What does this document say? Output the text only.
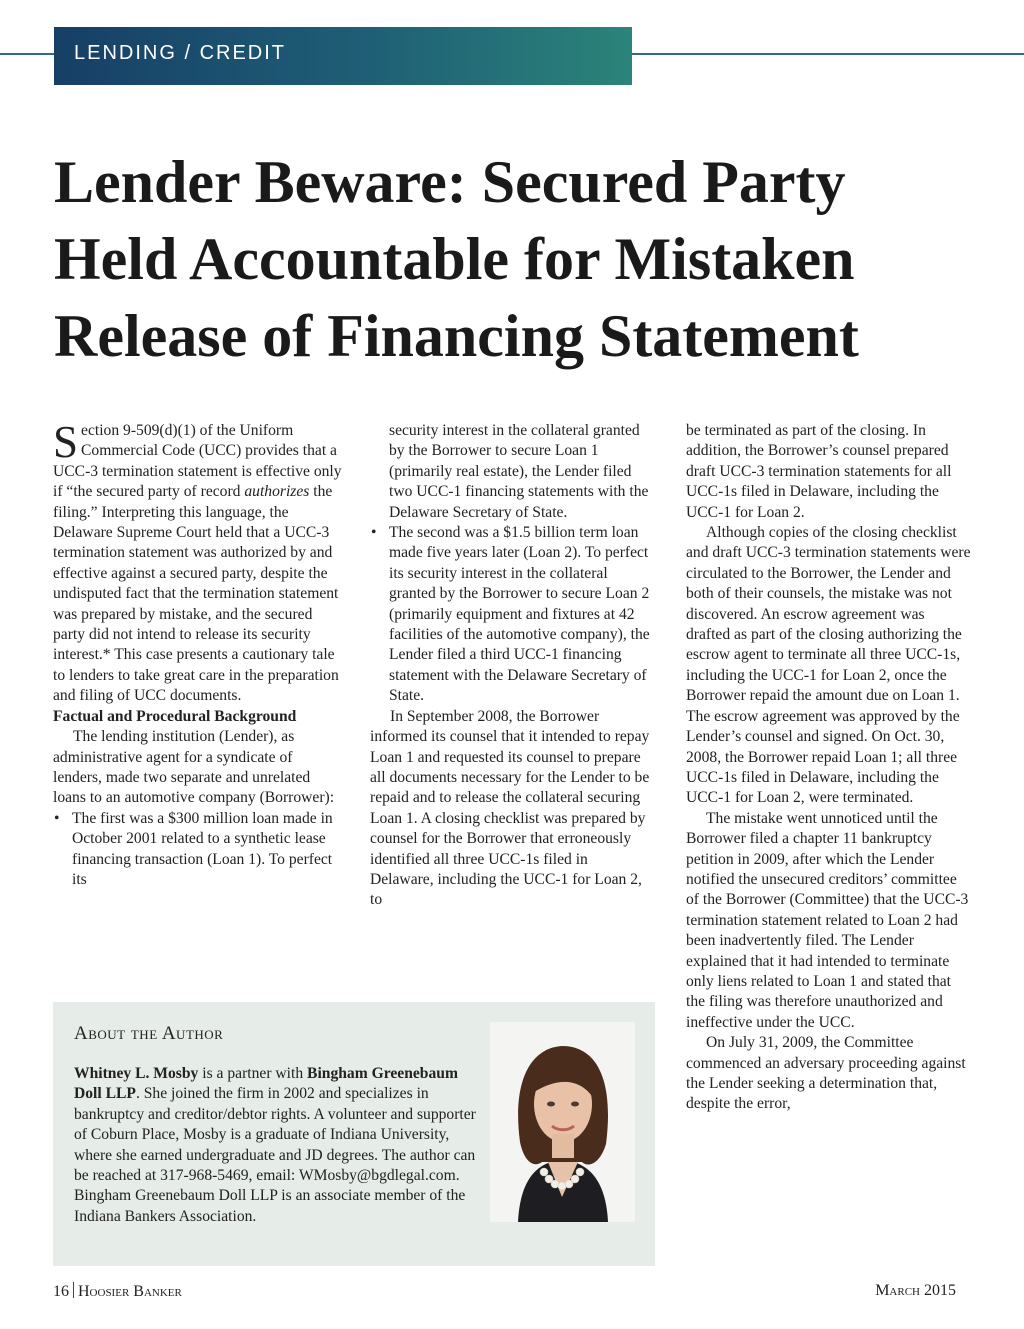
LENDING / CREDIT
Lender Beware: Secured Party
Held Accountable for Mistaken
Release of Financing Statement

Section 9-509(d)(1) of the Uniform Commercial Code (UCC) provides that a UCC-3 termination statement is effective only if “the secured party of record authorizes the filing.” Interpreting this language, the Delaware Supreme Court held that a UCC-3 termination statement was authorized by and effective against a secured party, despite the undisputed fact that the termination statement was prepared by mistake, and the secured party did not intend to release its security interest.* This case presents a cautionary tale to lenders to take great care in the preparation and filing of UCC documents.

Factual and Procedural Background

The lending institution (Lender), as administrative agent for a syndicate of lenders, made two separate and unrelated loans to an automotive company (Borrower):

• The first was a $300 million loan made in October 2001 related to a synthetic lease financing transaction (Loan 1). To perfect its
security interest in the collateral granted by the Borrower to secure Loan 1 (primarily real estate), the Lender filed two UCC-1 financing statements with the Delaware Secretary of State.
• The second was a $1.5 billion term loan made five years later (Loan 2). To perfect its security interest in the collateral granted by the Borrower to secure Loan 2 (primarily equipment and fixtures at 42 facilities of the automotive company), the Lender filed a third UCC-1 financing statement with the Delaware Secretary of State.

In September 2008, the Borrower informed its counsel that it intended to repay Loan 1 and requested its counsel to prepare all documents necessary for the Lender to be repaid and to release the collateral securing Loan 1. A closing checklist was prepared by counsel for the Borrower that erroneously identified all three UCC-1s filed in Delaware, including the UCC-1 for Loan 2, to

be terminated as part of the closing. In addition, the Borrower’s counsel prepared draft UCC-3 termination statements for all UCC-1s filed in Delaware, including the UCC-1 for Loan 2.

Although copies of the closing checklist and draft UCC-3 termination statements were circulated to the Borrower, the Lender and both of their counsels, the mistake was not discovered. An escrow agreement was drafted as part of the closing authorizing the escrow agent to terminate all three UCC-1s, including the UCC-1 for Loan 2, once the Borrower repaid the amount due on Loan 1. The escrow agreement was approved by the Lender’s counsel and signed. On Oct. 30, 2008, the Borrower repaid Loan 1; all three UCC-1s filed in Delaware, including the UCC-1 for Loan 2, were terminated.

The mistake went unnoticed until the Borrower filed a chapter 11 bankruptcy petition in 2009, after which the Lender notified the unsecured creditors’ committee of the Borrower (Committee) that the UCC-3 termination statement related to Loan 2 had been inadvertently filed. The Lender explained that it had intended to terminate only liens related to Loan 1 and stated that the filing was therefore unauthorized and ineffective under the UCC.

On July 31, 2009, the Committee commenced an adversary proceeding against the Lender seeking a determination that, despite the error,

About the Author

Whitney L. Mosby is a partner with Bingham Greenebaum Doll LLP. She joined the firm in 2002 and specializes in bankruptcy and creditor/debtor rights. A volunteer and supporter of Coburn Place, Mosby is a graduate of Indiana University, where she earned undergraduate and JD degrees. The author can be reached at 317-968-5469, email: WMosby@bgdlegal.com. Bingham Greenebaum Doll LLP is an associate member of the Indiana Bankers Association.

16 Hoosier Banker	March 2015
